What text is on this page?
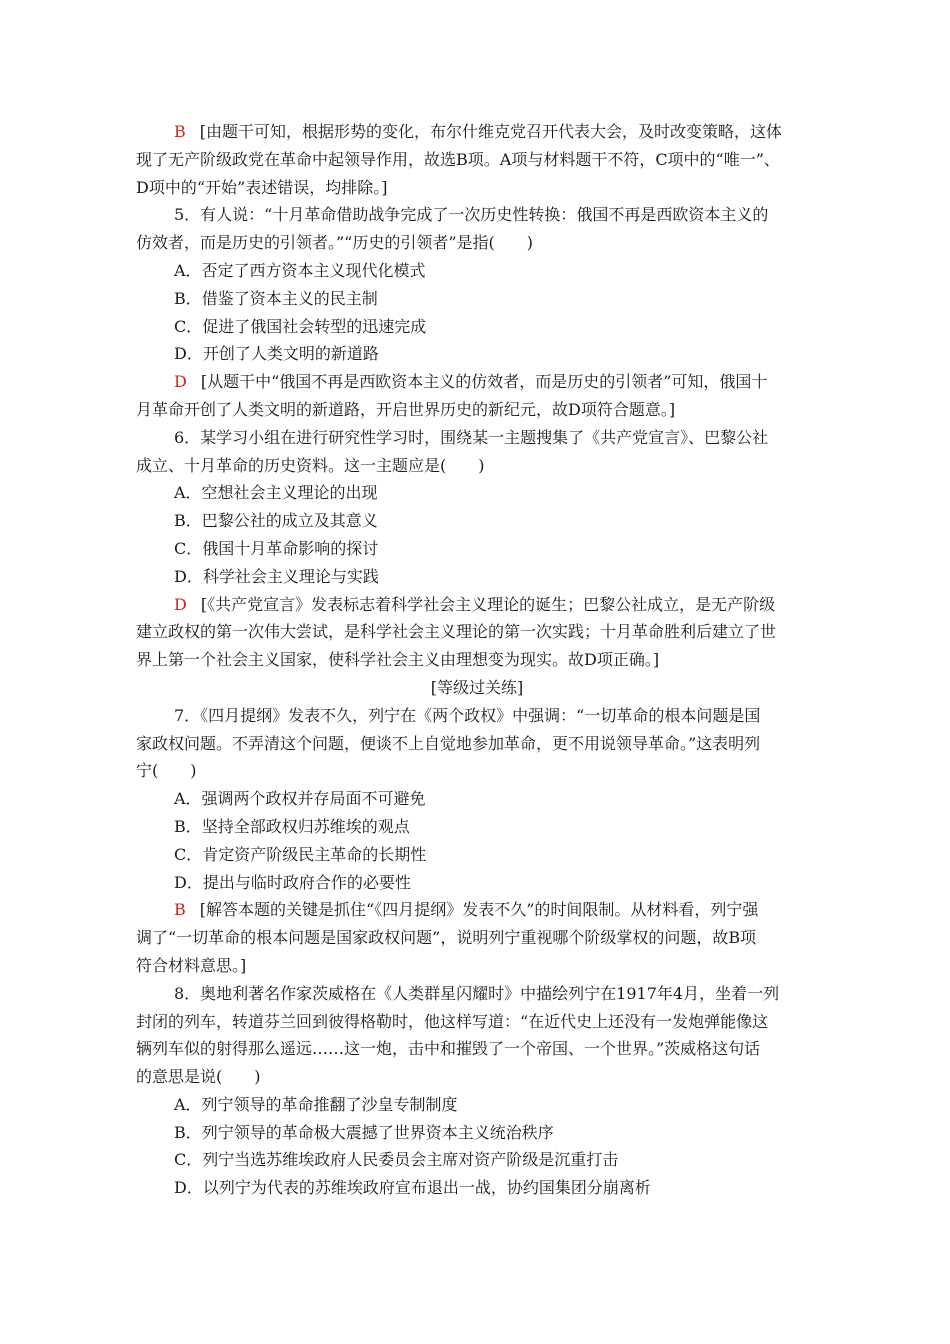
B [由题干可知，根据形势的变化，布尔什维克党召开代表大会，及时改变策略，这体
现了无产阶级政党在革命中起领导作用，故选B项。A项与材料题干不符，C项中的“唯一”、
D项中的“开始”表述错误，均排除。]
5．有人说：“十月革命借助战争完成了一次历史性转换：俄国不再是西欧资本主义的
仿效者，而是历史的引领者。”“历史的引领者”是指(　　)
A．否定了西方资本主义现代化模式
B．借鉴了资本主义的民主制
C．促进了俄国社会转型的迅速完成
D．开创了人类文明的新道路
D [从题干中“俄国不再是西欧资本主义的仿效者，而是历史的引领者”可知，俄国十
月革命开创了人类文明的新道路，开启世界历史的新纪元，故D项符合题意。]
6．某学习小组在进行研究性学习时，围绕某一主题搜集了《共产党宣言》、巴黎公社
成立、十月革命的历史资料。这一主题应是(　　)
A．空想社会主义理论的出现
B．巴黎公社的成立及其意义
C．俄国十月革命影响的探讨
D．科学社会主义理论与实践
D [《共产党宣言》发表标志着科学社会主义理论的诞生；巴黎公社成立，是无产阶级
建立政权的第一次伟大尝试，是科学社会主义理论的第一次实践；十月革命胜利后建立了世
界上第一个社会主义国家，使科学社会主义由理想变为现实。故D项正确。]
[等级过关练]
7．《四月提纲》发表不久，列宁在《两个政权》中强调：“一切革命的根本问题是国
家政权问题。不弄清这个问题，便谈不上自觉地参加革命，更不用说领导革命。”这表明列
宁(　　)
A．强调两个政权并存局面不可避免
B．坚持全部政权归苏维埃的观点
C．肯定资产阶级民主革命的长期性
D．提出与临时政府合作的必要性
B [解答本题的关键是抓住“《四月提纲》发表不久”的时间限制。从材料看，列宁强
调了“一切革命的根本问题是国家政权问题”，说明列宁重视哪个阶级掌权的问题，故B项
符合材料意思。]
8．奥地利著名作家茨威格在《人类群星闪耀时》中描绘列宁在1917年4月，坐着一列
封闭的列车，转道芬兰回到彼得格勒时，他这样写道：“在近代史上还没有一发炮弹能像这
辆列车似的射得那么遥远……这一炮，击中和摧毁了一个帝国、一个世界。”茨威格这句话
的意思是说(　　)
A．列宁领导的革命推翻了沙皇专制制度
B．列宁领导的革命极大震撼了世界资本主义统治秩序
C．列宁当选苏维埃政府人民委员会主席对资产阶级是沉重打击
D．以列宁为代表的苏维埃政府宣布退出一战，协约国集团分崩离析
